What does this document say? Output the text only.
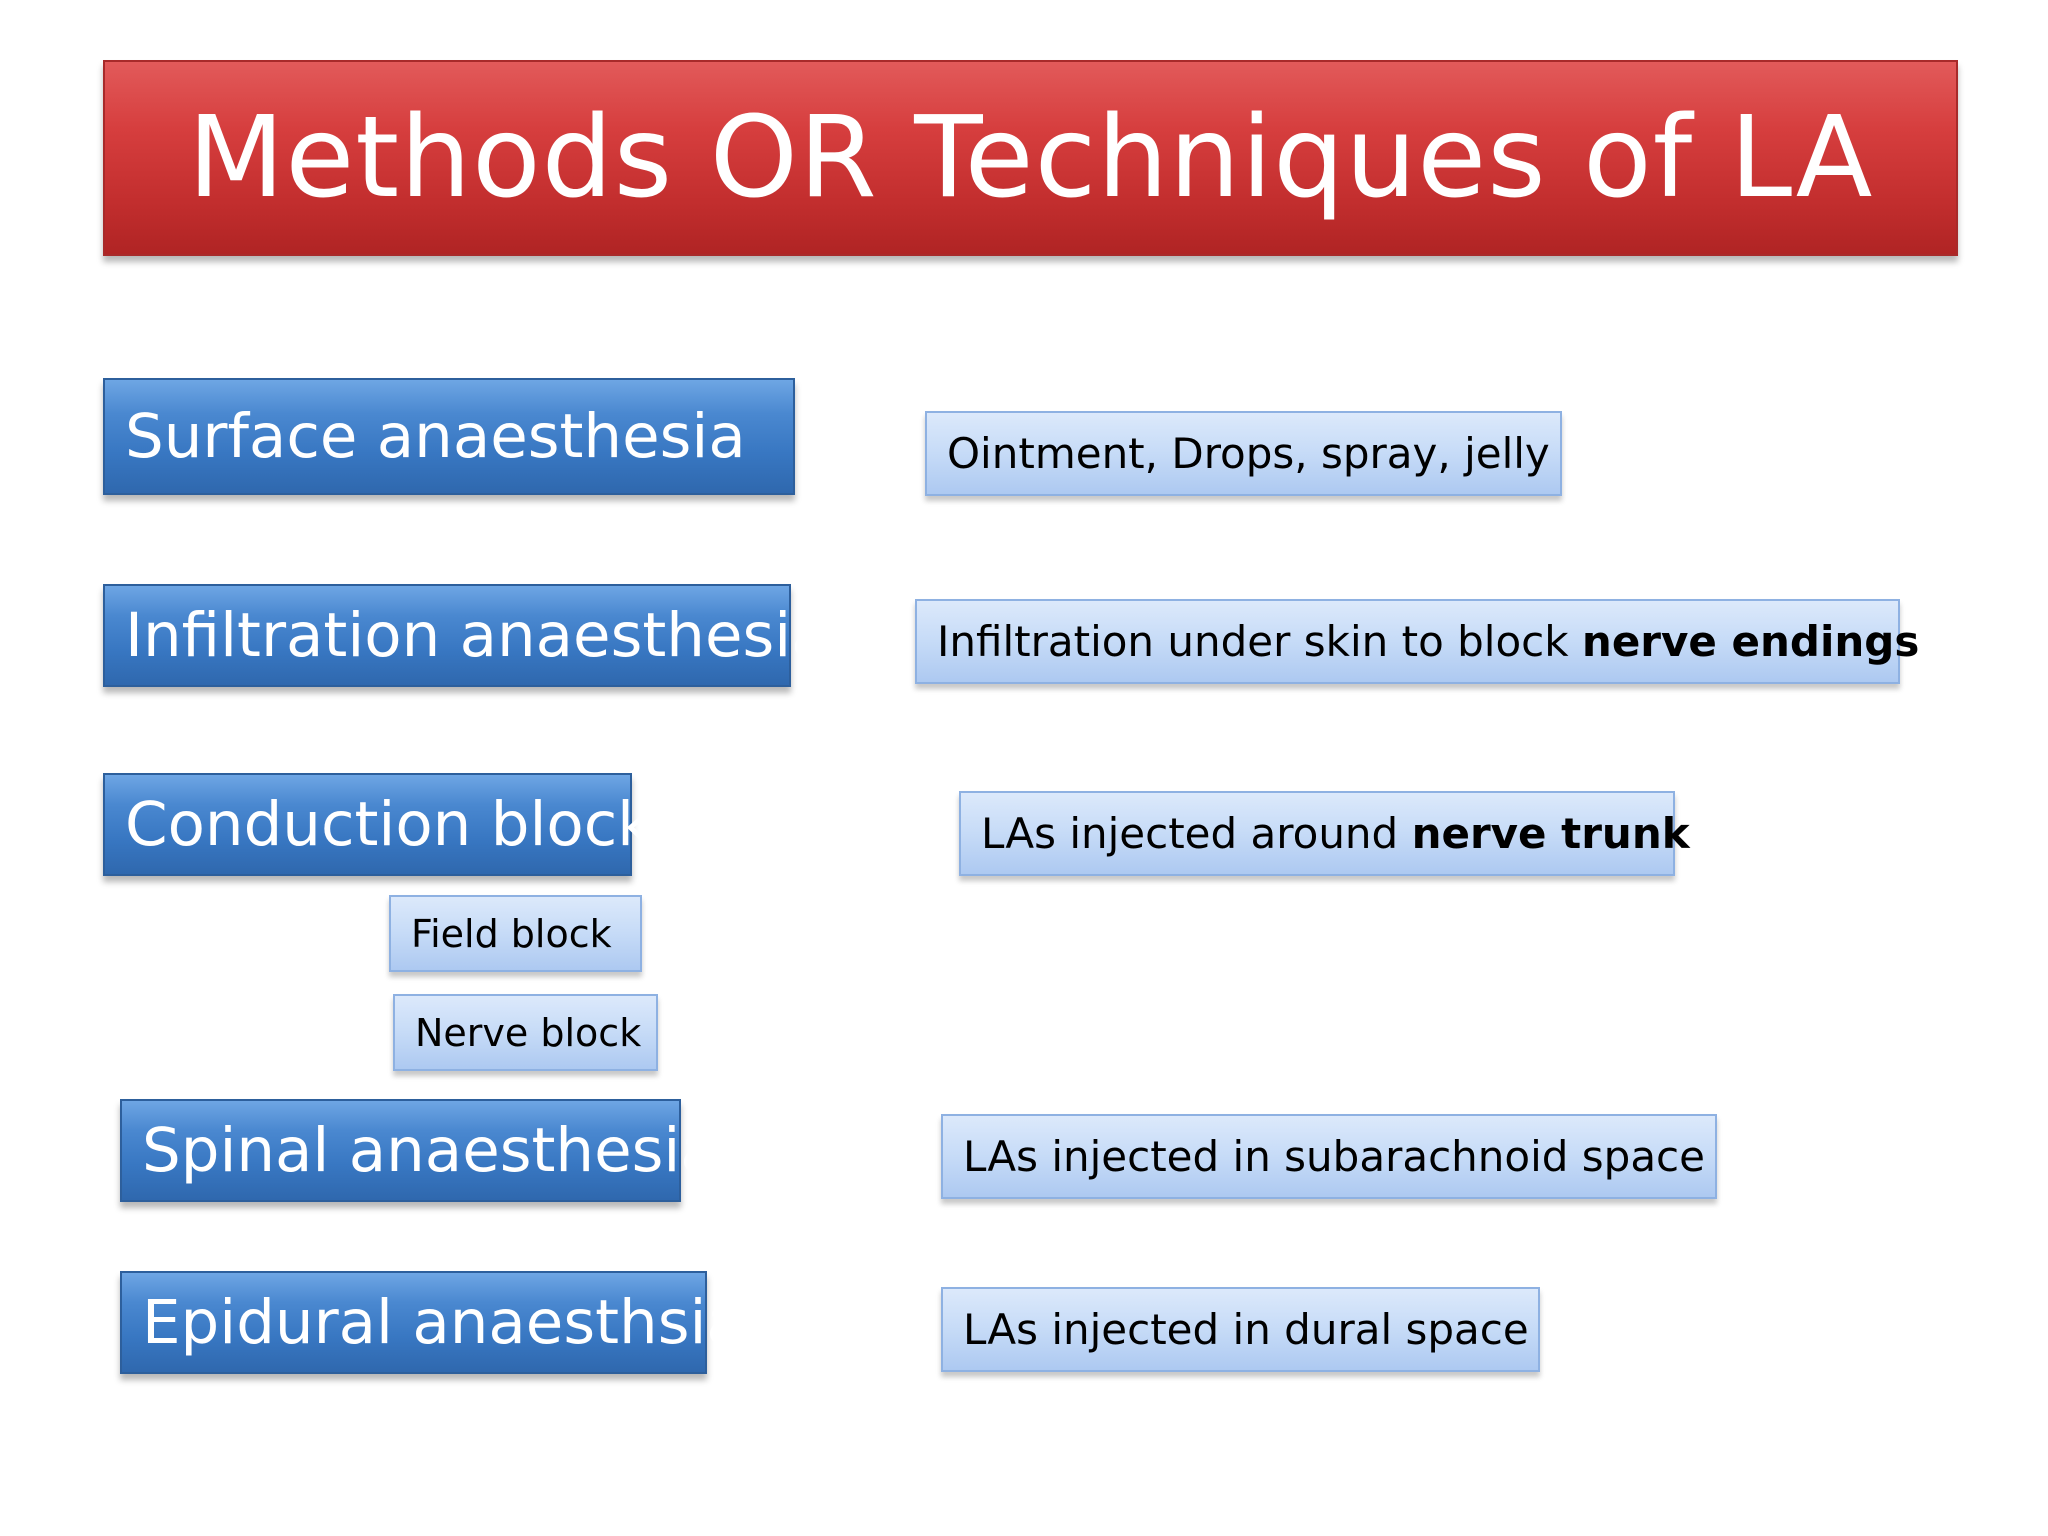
Methods OR Techniques of LA
Surface anaesthesia
Infiltration anaesthesia
Conduction block
Field block
Nerve block
Spinal anaesthesia
Epidural anaesthsia
Ointment, Drops, spray, jelly
Infiltration under skin to block nerve endings
LAs injected around nerve trunk
LAs injected in subarachnoid space
LAs injected in dural space
